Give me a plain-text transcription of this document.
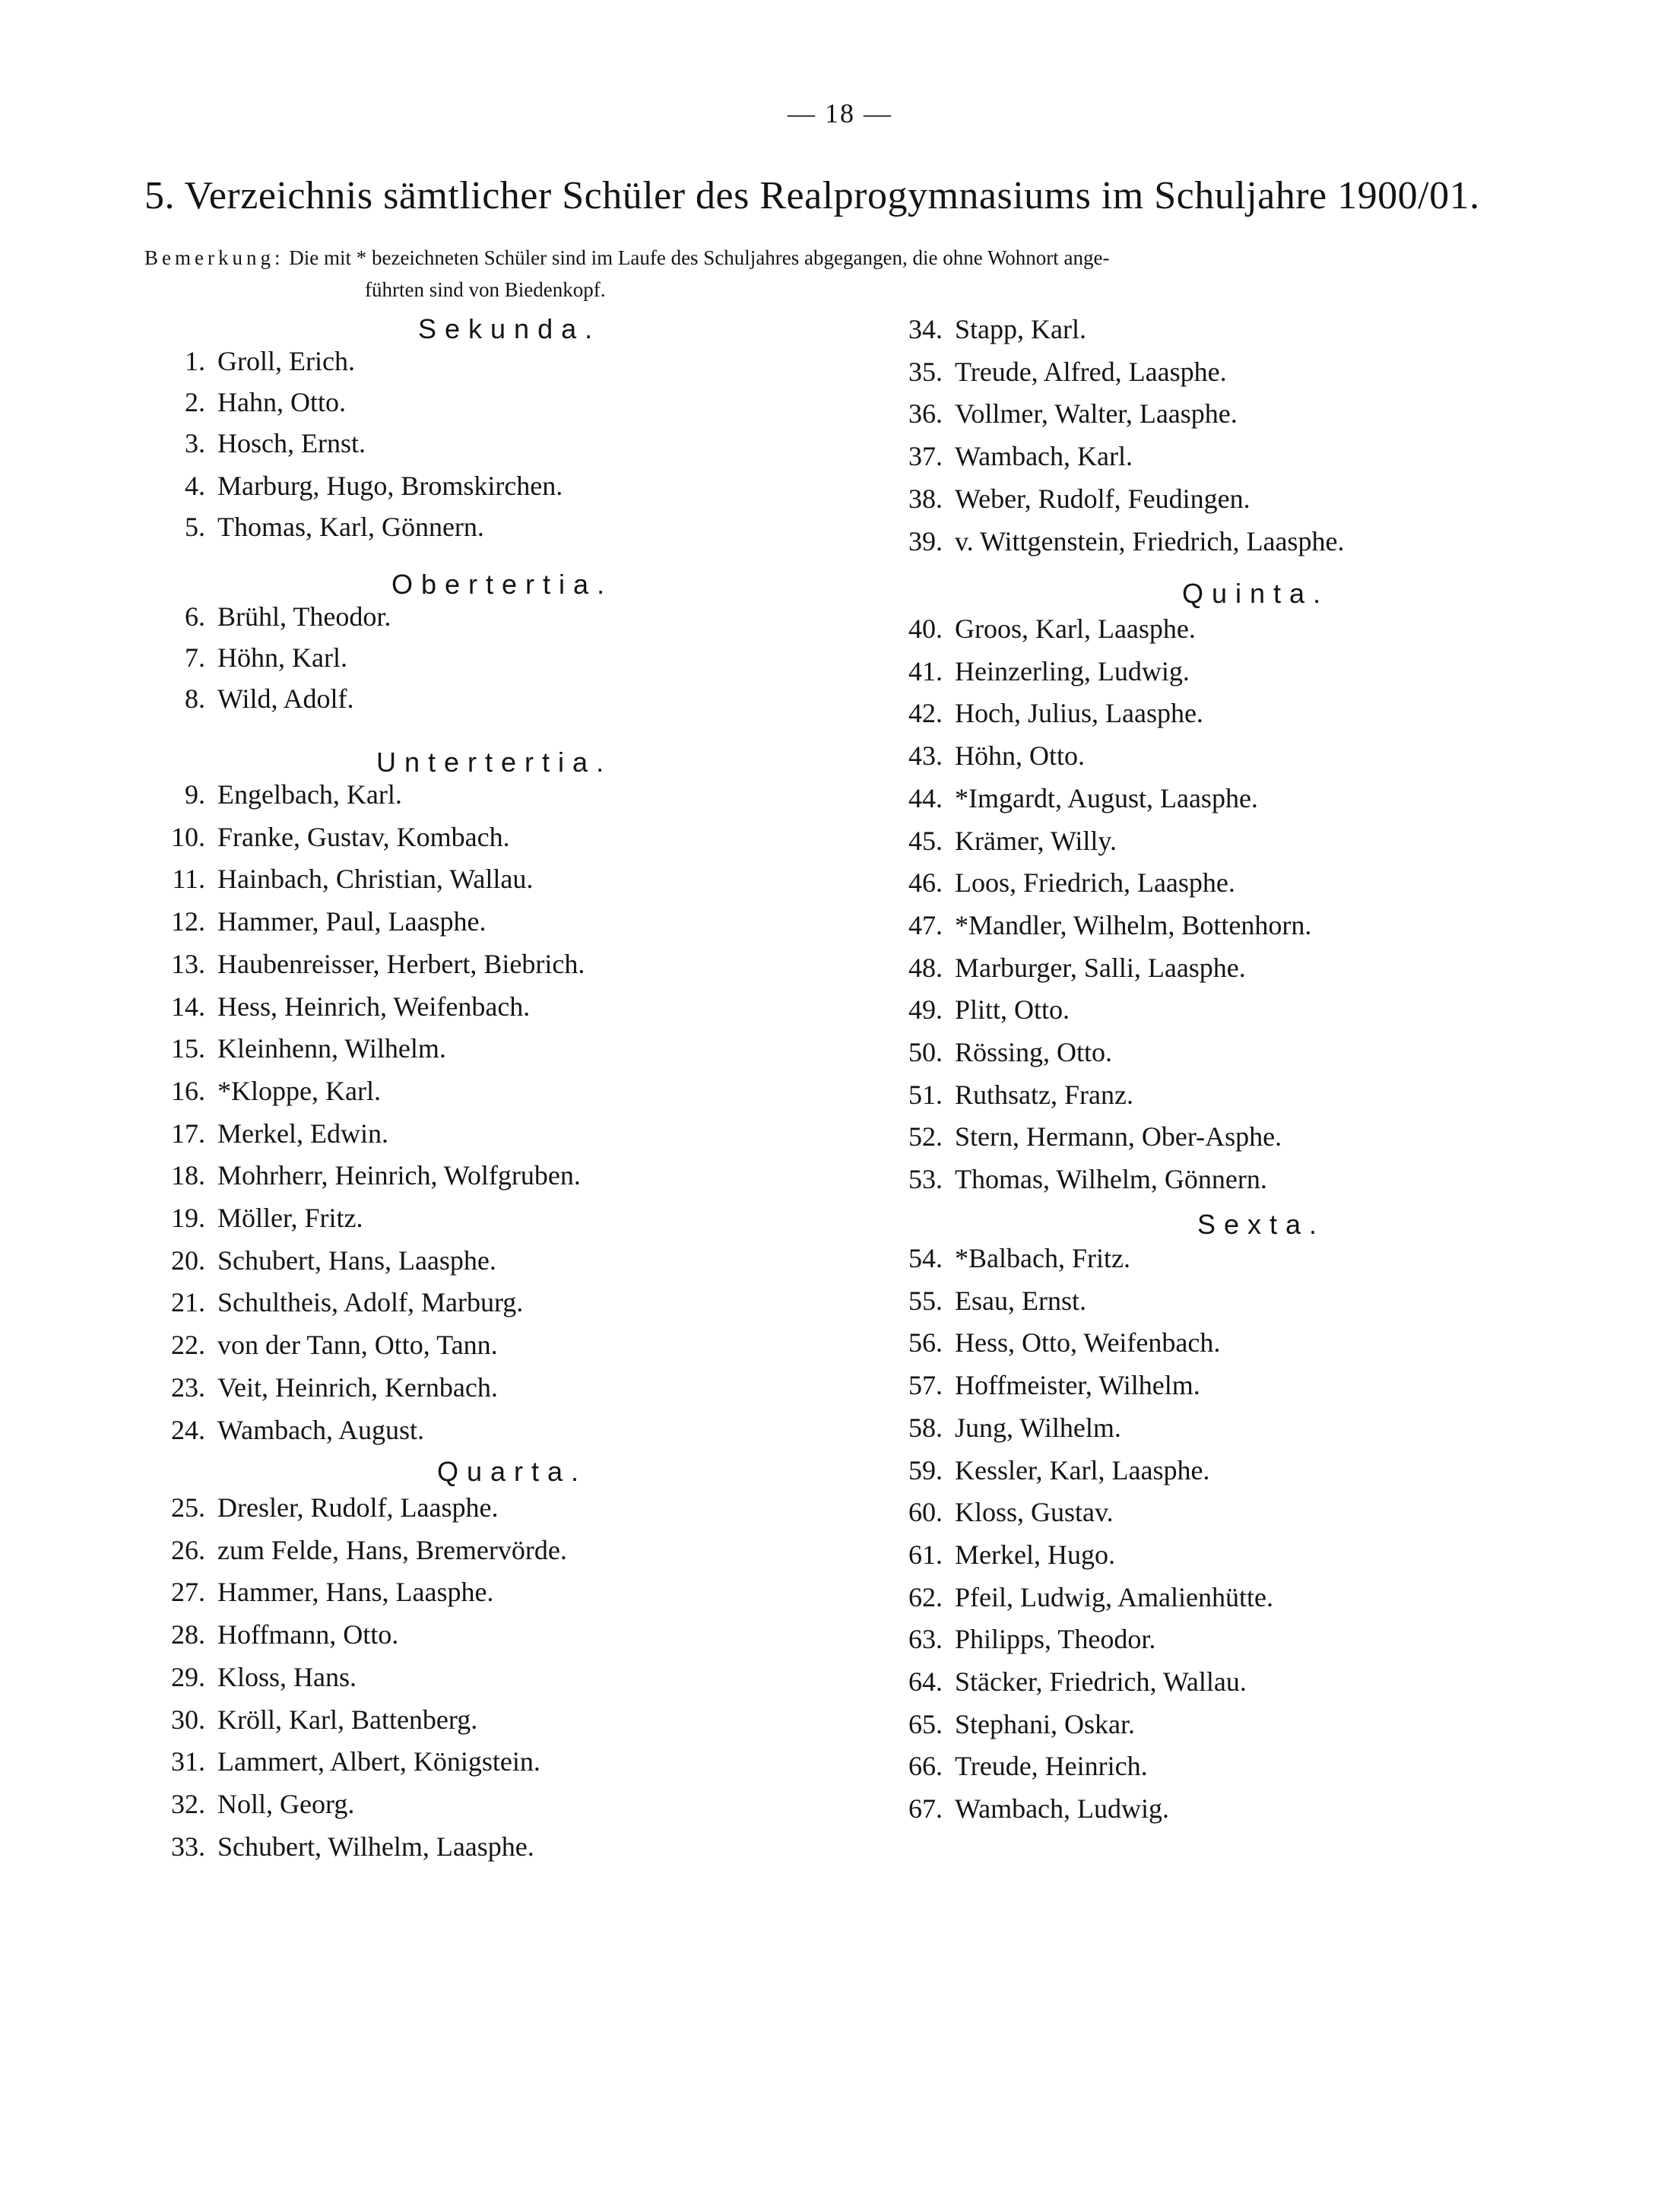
— 18 —
5. Verzeichnis sämtlicher Schüler des Realprogymnasiums im Schuljahre 1900/01.
Bemerkung: Die mit * bezeichneten Schüler sind im Laufe des Schuljahres abgegangen, die ohne Wohnort ange-
führten sind von Biedenkopf.
Sekunda.
Obertertia.
Untertertia.
Quarta.
Quinta.
Sexta.
1. Groll, Erich.
2. Hahn, Otto.
3. Hosch, Ernst.
4. Marburg, Hugo, Bromskirchen.
5. Thomas, Karl, Gönnern.
6. Brühl, Theodor.
7. Höhn, Karl.
8. Wild, Adolf.
9. Engelbach, Karl.
10. Franke, Gustav, Kombach.
11. Hainbach, Christian, Wallau.
12. Hammer, Paul, Laasphe.
13. Haubenreisser, Herbert, Biebrich.
14. Hess, Heinrich, Weifenbach.
15. Kleinhenn, Wilhelm.
16. *Kloppe, Karl.
17. Merkel, Edwin.
18. Mohrherr, Heinrich, Wolfgruben.
19. Möller, Fritz.
20. Schubert, Hans, Laasphe.
21. Schultheis, Adolf, Marburg.
22. von der Tann, Otto, Tann.
23. Veit, Heinrich, Kernbach.
24. Wambach, August.
25. Dresler, Rudolf, Laasphe.
26. zum Felde, Hans, Bremervörde.
27. Hammer, Hans, Laasphe.
28. Hoffmann, Otto.
29. Kloss, Hans.
30. Kröll, Karl, Battenberg.
31. Lammert, Albert, Königstein.
32. Noll, Georg.
33. Schubert, Wilhelm, Laasphe.
34. Stapp, Karl.
35. Treude, Alfred, Laasphe.
36. Vollmer, Walter, Laasphe.
37. Wambach, Karl.
38. Weber, Rudolf, Feudingen.
39. v. Wittgenstein, Friedrich, Laasphe.
40. Groos, Karl, Laasphe.
41. Heinzerling, Ludwig.
42. Hoch, Julius, Laasphe.
43. Höhn, Otto.
44. *Imgardt, August, Laasphe.
45. Krämer, Willy.
46. Loos, Friedrich, Laasphe.
47. *Mandler, Wilhelm, Bottenhorn.
48. Marburger, Salli, Laasphe.
49. Plitt, Otto.
50. Rössing, Otto.
51. Ruthsatz, Franz.
52. Stern, Hermann, Ober-Asphe.
53. Thomas, Wilhelm, Gönnern.
54. *Balbach, Fritz.
55. Esau, Ernst.
56. Hess, Otto, Weifenbach.
57. Hoffmeister, Wilhelm.
58. Jung, Wilhelm.
59. Kessler, Karl, Laasphe.
60. Kloss, Gustav.
61. Merkel, Hugo.
62. Pfeil, Ludwig, Amalienhütte.
63. Philipps, Theodor.
64. Stäcker, Friedrich, Wallau.
65. Stephani, Oskar.
66. Treude, Heinrich.
67. Wambach, Ludwig.
